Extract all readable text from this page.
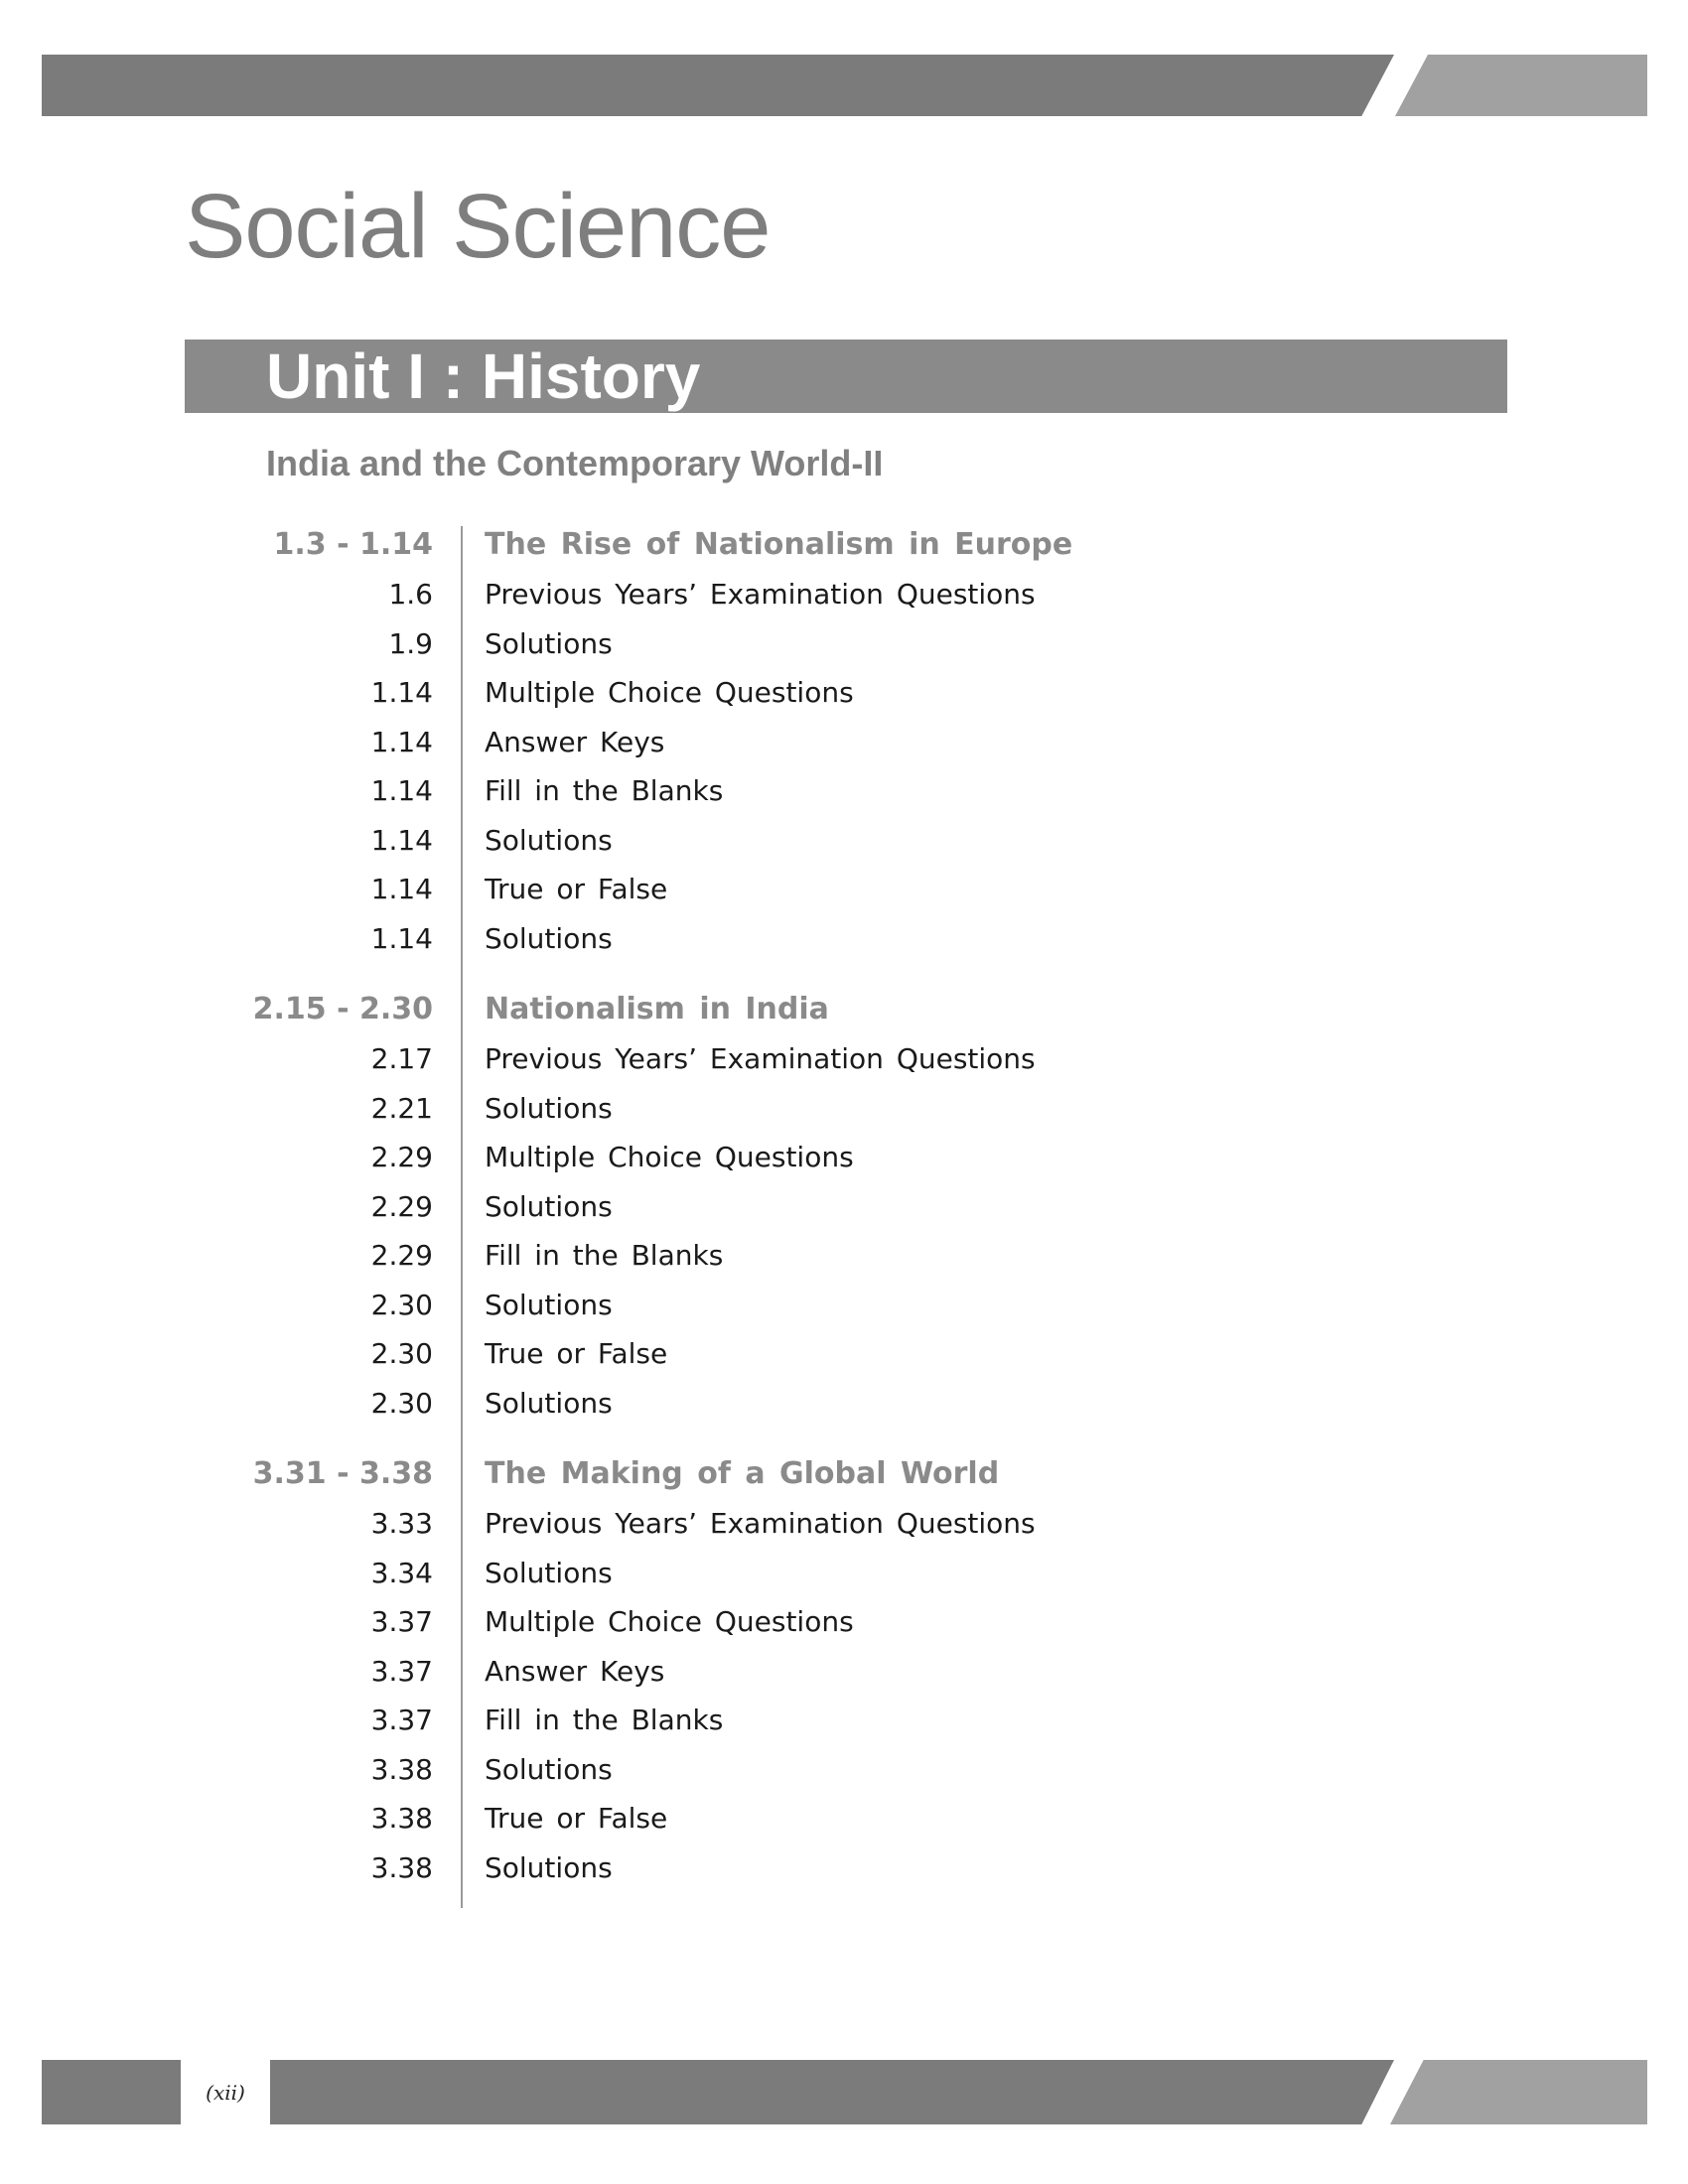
Social Science
Unit I : History
India and the Contemporary World-II
1.3 - 1.14 The Rise of Nationalism in Europe
1.6 Previous Years’ Examination Questions
1.9 Solutions
1.14 Multiple Choice Questions
1.14 Answer Keys
1.14 Fill in the Blanks
1.14 Solutions
1.14 True or False
1.14 Solutions
2.15 - 2.30 Nationalism in India
2.17 Previous Years’ Examination Questions
2.21 Solutions
2.29 Multiple Choice Questions
2.29 Solutions
2.29 Fill in the Blanks
2.30 Solutions
2.30 True or False
2.30 Solutions
3.31 - 3.38 The Making of a Global World
3.33 Previous Years’ Examination Questions
3.34 Solutions
3.37 Multiple Choice Questions
3.37 Answer Keys
3.37 Fill in the Blanks
3.38 Solutions
3.38 True or False
3.38 Solutions
(xii)
